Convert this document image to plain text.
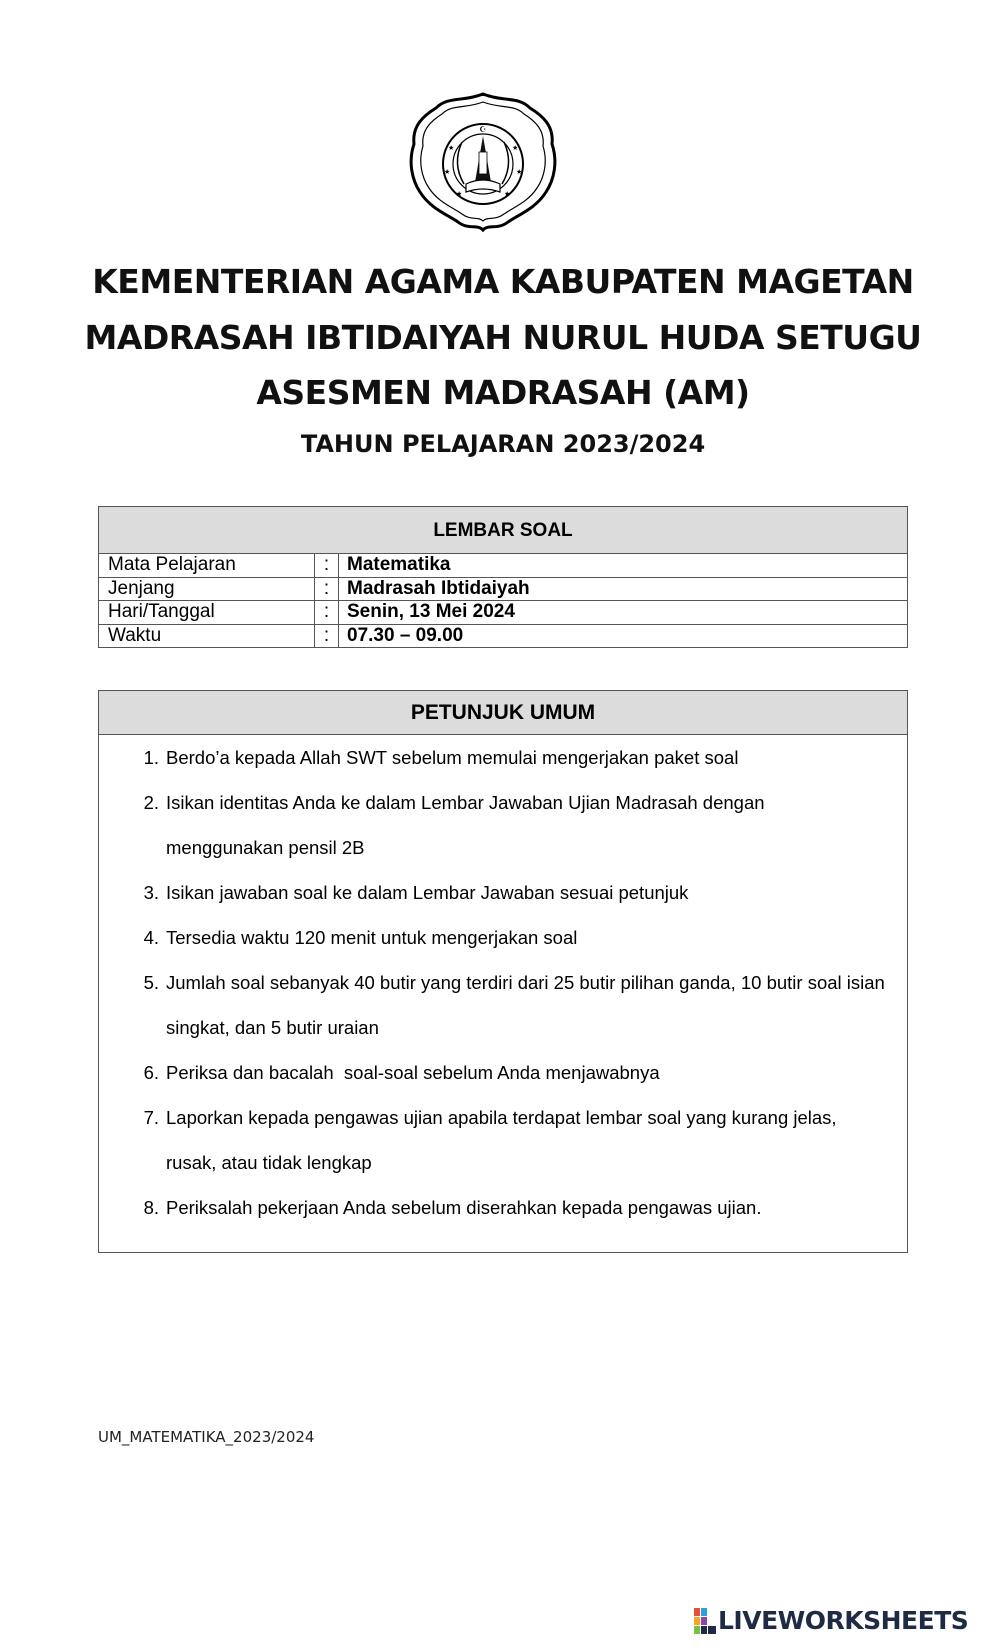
☪
★	★
★	★
★	★
KEMENTERIAN AGAMA KABUPATEN MAGETAN
MADRASAH IBTIDAIYAH NURUL HUDA SETUGU
ASESMEN MADRASAH (AM)
TAHUN PELAJARAN 2023/2024
LEMBAR SOAL
Mata Pelajaran	: Matematika
Jenjang	: Madrasah Ibtidaiyah
Hari/Tanggal	: Senin, 13 Mei 2024
Waktu	: 07.30 – 09.00
PETUNJUK UMUM
1. Berdo’a kepada Allah SWT sebelum memulai mengerjakan paket soal
2. Isikan identitas Anda ke dalam Lembar Jawaban Ujian Madrasah dengan menggunakan pensil 2B
3. Isikan jawaban soal ke dalam Lembar Jawaban sesuai petunjuk
4. Tersedia waktu 120 menit untuk mengerjakan soal
5. Jumlah soal sebanyak 40 butir yang terdiri dari 25 butir pilihan ganda, 10 butir soal isian singkat, dan 5 butir uraian
6. Periksa dan bacalah  soal-soal sebelum Anda menjawabnya
7. Laporkan kepada pengawas ujian apabila terdapat lembar soal yang kurang jelas, rusak, atau tidak lengkap
8. Periksalah pekerjaan Anda sebelum diserahkan kepada pengawas ujian.
UM_MATEMATIKA_2023/2024
LIVEWORKSHEETS
